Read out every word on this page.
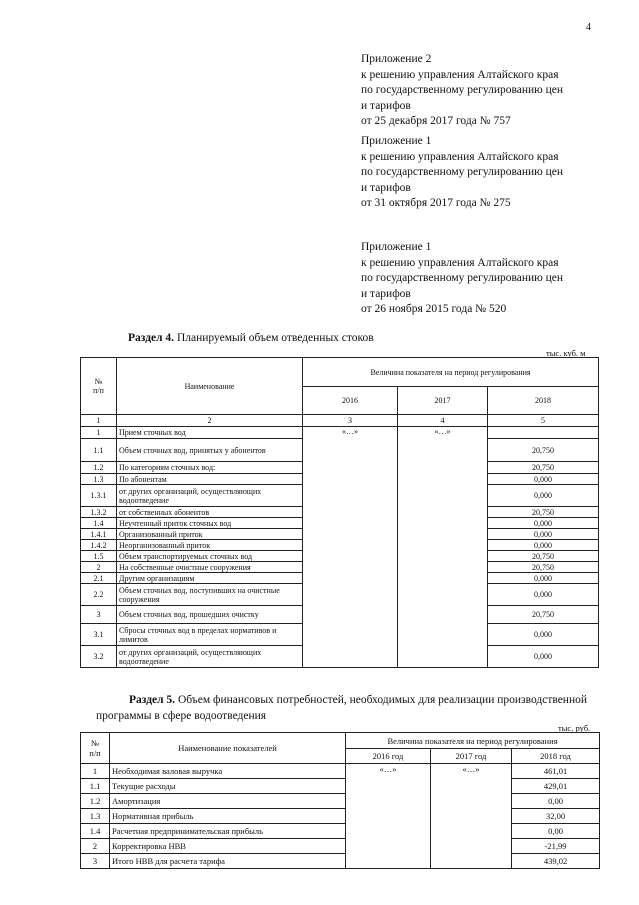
4
Приложение 2
к решению управления Алтайского края
по государственному регулированию цен
и тарифов
от 25 декабря 2017 года № 757
Приложение 1
к решению управления Алтайского края
по государственному регулированию цен
и тарифов
от 31 октября 2017 года № 275
Приложение 1
к решению управления Алтайского края
по государственному регулированию цен
и тарифов
от 26 ноября 2015 года № 520
Раздел 4. Планируемый объем отведенных стоков
тыс. куб. м
№
п/п	Наименование	Величина показателя на период регулирования		
		2016	2017	2018
1	2	3	4	5
1	Прием сточных вод	«…»	«…»	
1.1	Объем сточных вод, принятых у абонентов			20,750
1.2	По категориям сточных вод:			20,750
1.3	По абонентам			0,000
1.3.1	от других организаций, осуществляющих водоотведение			0,000
1.3.2	от собственных абонентов			20,750
1.4	Неучтенный приток сточных вод			0,000
1.4.1	Организованный приток			0,000
1.4.2	Неорганизованный приток			0,000
1.5	Объем транспортируемых сточных вод			20,750
2	На собственные очистные сооружения			20,750
2.1	Другим организациям			0,000
2.2	Объем сточных вод, поступивших на очистные сооружения			0,000
3	Объем сточных вод, прошедших очистку			20,750
3.1	Сбросы сточных вод в пределах нормативов и лимитов			0,000
3.2	от других организаций, осуществляющих водоотведение			0,000
Раздел 5. Объем финансовых потребностей, необходимых для реализации производственной программы в сфере водоотведения
тыс. руб.
№
п/п	Наименование показателей	Величина показателя на период регулирования		
		2016 год	2017 год	2018 год
1	Необходимая валовая выручка	«…»	«…»	461,01
1.1	Текущие расходы			429,01
1.2	Амортизация			0,00
1.3	Нормативная прибыль			32,00
1.4	Расчетная предпринимательская прибыль			0,00
2	Корректировка НВВ			-21,99
3	Итого НВВ для расчета тарифа			439,02
